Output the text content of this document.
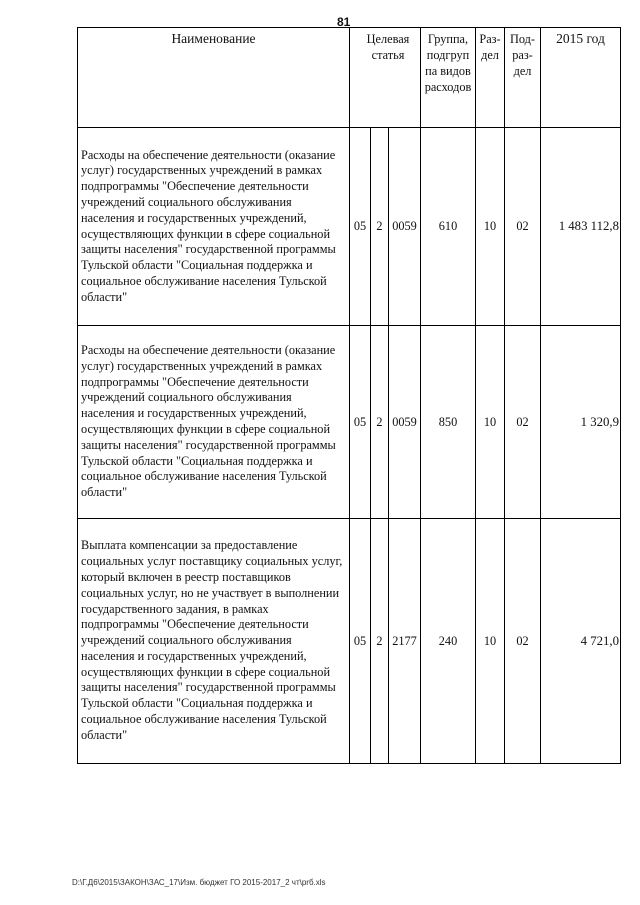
81
Наименование	Целевая статья			Группа, подгруп па видов расходов	Раз- дел	Под- раз- дел	2015 год
Расходы на обеспечение деятельности (оказание услуг) государственных учреждений в рамках подпрограммы "Обеспечение деятельности учреждений социального обслуживания населения и государственных учреждений, осуществляющих функции в сфере социальной защиты населения" государственной программы Тульской области "Социальная поддержка и социальное обслуживание населения Тульской области"	05	2	0059	610	10	02	1 483 112,8
Расходы на обеспечение деятельности (оказание услуг) государственных учреждений в рамках подпрограммы "Обеспечение деятельности учреждений социального обслуживания населения и государственных учреждений, осуществляющих функции в сфере социальной защиты населения" государственной программы Тульской области "Социальная поддержка и социальное обслуживание населения Тульской области"	05	2	0059	850	10	02	1 320,9
Выплата компенсации за предоставление социальных услуг поставщику социальных услуг, который включен в реестр поставщиков социальных услуг, но не участвует в выполнении государственного задания, в рамках подпрограммы "Обеспечение деятельности учреждений социального обслуживания населения и государственных учреждений, осуществляющих функции в сфере социальной защиты населения" государственной программы Тульской области "Социальная поддержка и социальное обслуживание населения Тульской области"	05	2	2177	240	10	02	4 721,0
D:\Г.Д6\2015\ЗАКОН\ЗАС_17\Изм. бюджет ГО 2015-2017_2 чт\рrб.xls
